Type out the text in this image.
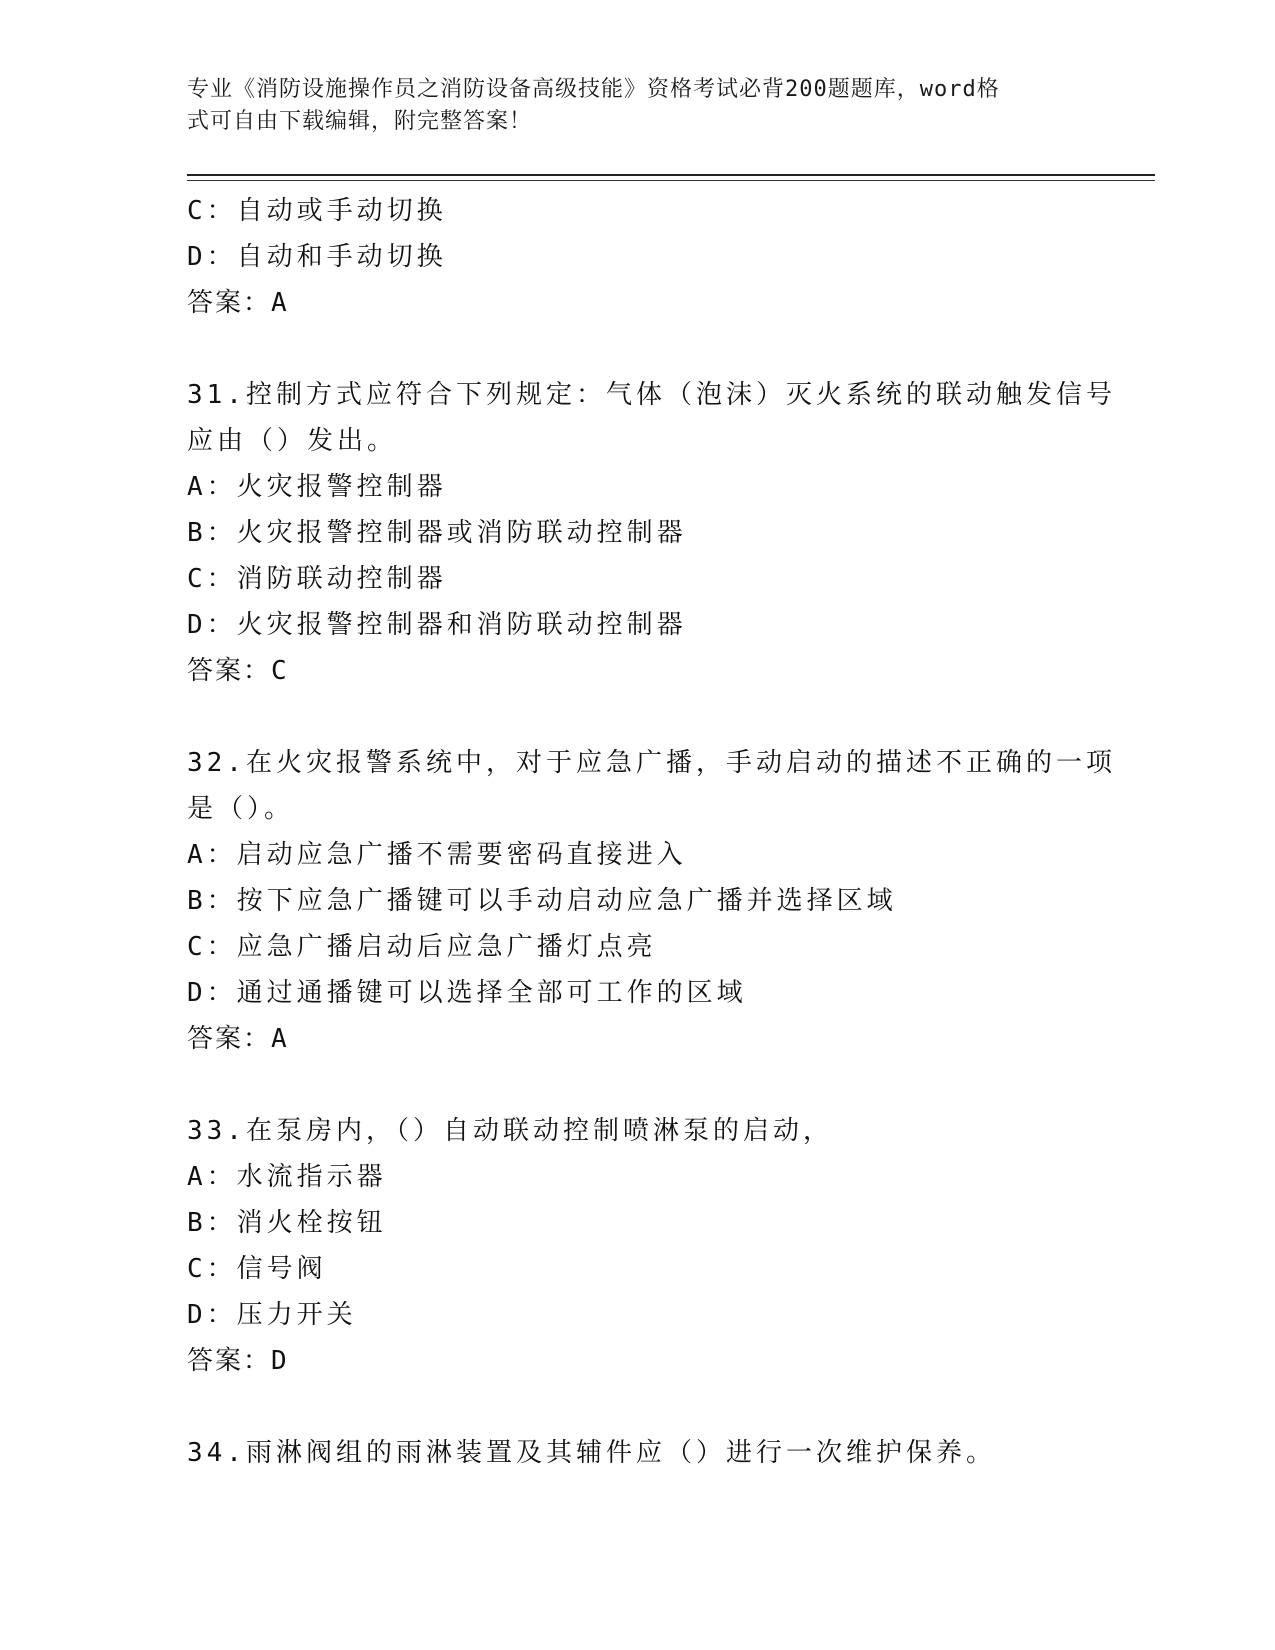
专业《消防设施操作员之消防设备高级技能》资格考试必背200题题库，word格
式可自由下载编辑，附完整答案！
C：自动或手动切换
D：自动和手动切换
答案：A
31.控制方式应符合下列规定：气体（泡沫）灭火系统的联动触发信号
应由（）发出。
A：火灾报警控制器
B：火灾报警控制器或消防联动控制器
C：消防联动控制器
D：火灾报警控制器和消防联动控制器
答案：C
32.在火灾报警系统中，对于应急广播，手动启动的描述不正确的一项
是（）。
A：启动应急广播不需要密码直接进入
B：按下应急广播键可以手动启动应急广播并选择区域
C：应急广播启动后应急广播灯点亮
D：通过通播键可以选择全部可工作的区域
答案：A
33.在泵房内，（）自动联动控制喷淋泵的启动，
A：水流指示器
B：消火栓按钮
C：信号阀
D：压力开关
答案：D
34.雨淋阀组的雨淋装置及其辅件应（）进行一次维护保养。
